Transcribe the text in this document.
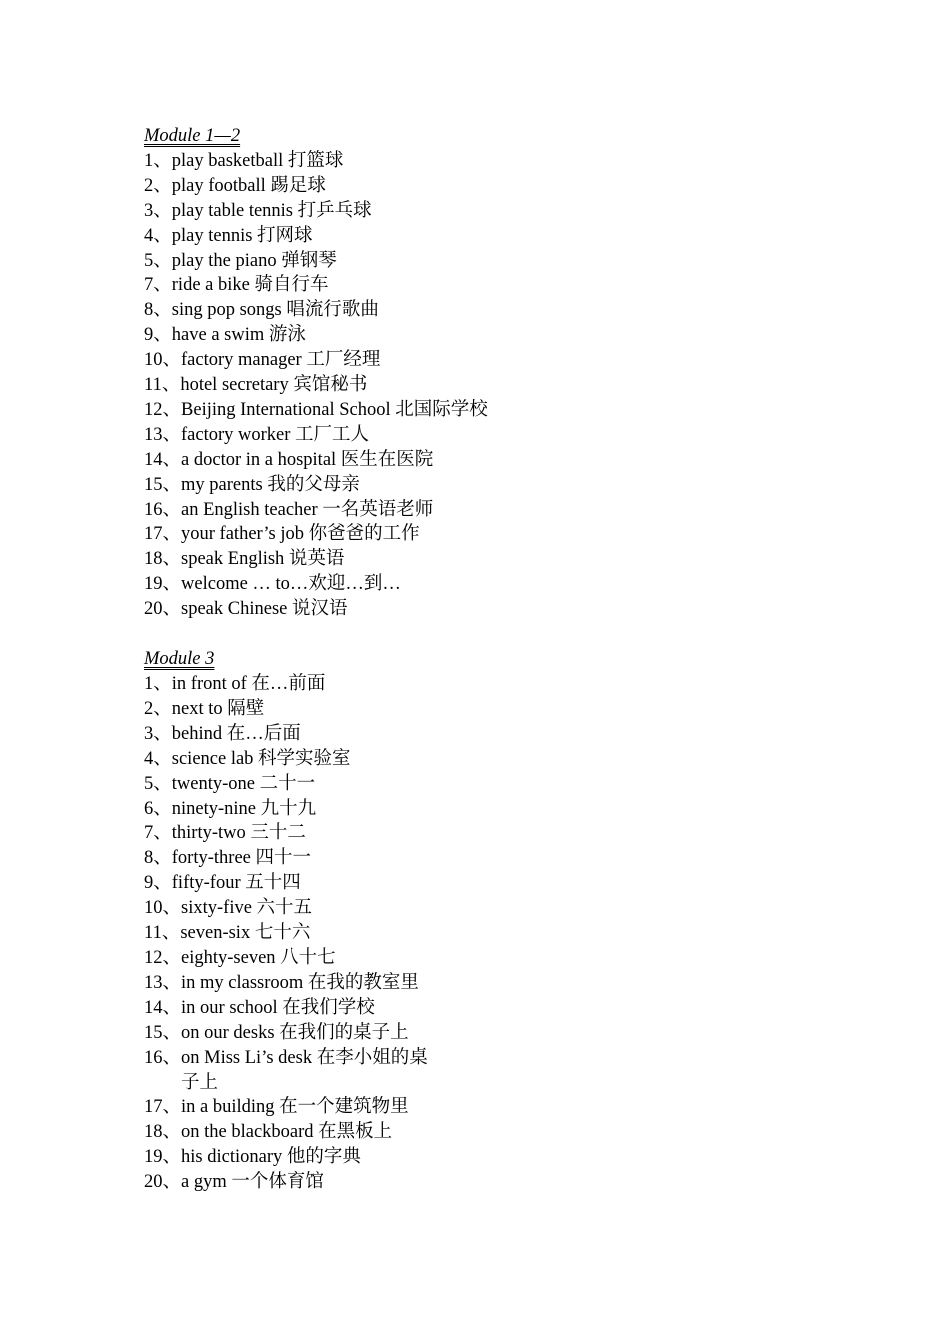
Module 1—2
1、 play basketball 打篮球
2、 play football 踢足球
3、 play table tennis 打乒乓球
4、 play tennis 打网球
5、 play the piano 弹钢琴
7、 ride a bike 骑自行车
8、 sing pop songs 唱流行歌曲
9、 have a swim 游泳
10、 factory manager 工厂经理
11、 hotel secretary 宾馆秘书
12、 Beijing International School 北国际学校
13、 factory worker 工厂工人
14、 a doctor in a hospital 医生在医院
15、 my parents 我的父母亲
16、 an English teacher 一名英语老师
17、 your father’s job 你爸爸的工作
18、 speak English 说英语
19、 welcome … to…欢迎…到…
20、 speak Chinese 说汉语
Module 3
1、 in front of 在…前面
2、 next to 隔壁
3、 behind 在…后面
4、 science lab 科学实验室
5、 twenty-one 二十一
6、 ninety-nine 九十九
7、 thirty-two 三十二
8、 forty-three 四十一
9、 fifty-four 五十四
10、 sixty-five 六十五
11、 seven-six 七十六
12、 eighty-seven 八十七
13、 in my classroom 在我的教室里
14、 in our school 在我们学校
15、 on our desks 在我们的桌子上
16、 on Miss Li’s desk 在李小姐的桌子上
17、 in a building 在一个建筑物里
18、 on the blackboard 在黑板上
19、 his dictionary 他的字典
20、 a gym 一个体育馆
